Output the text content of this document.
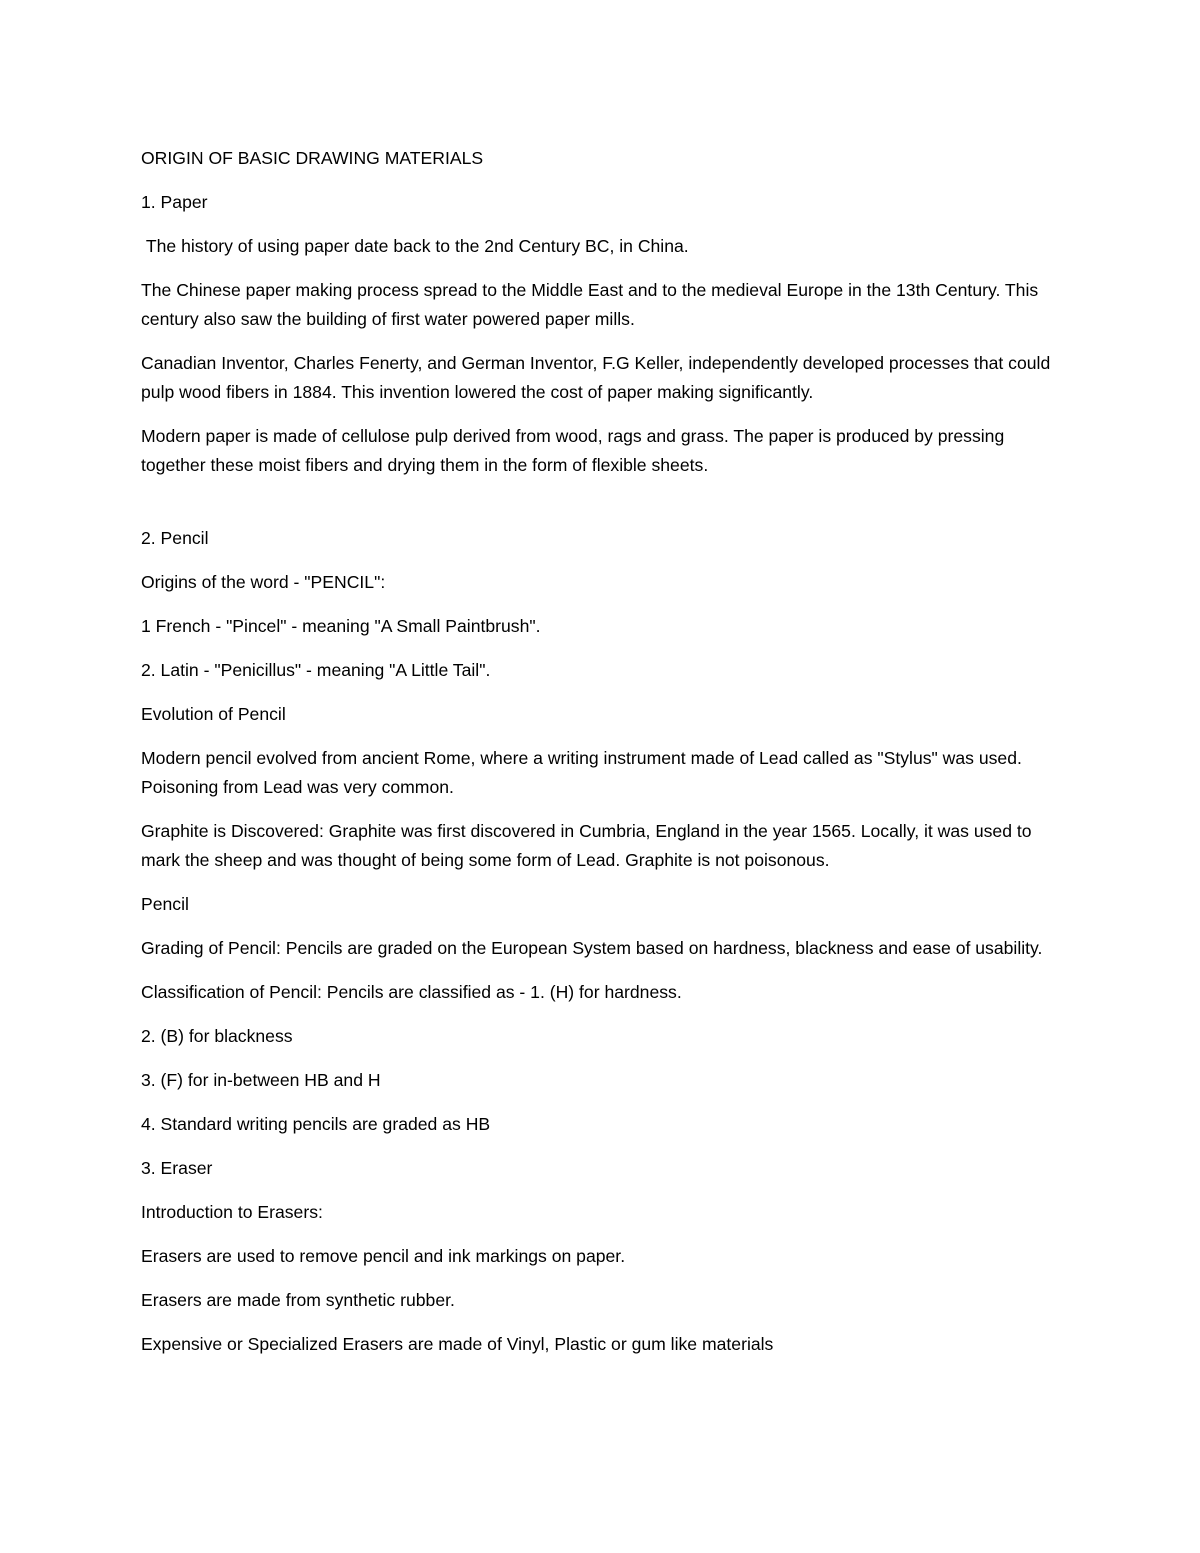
ORIGIN OF BASIC DRAWING MATERIALS

1. Paper

The history of using paper date back to the 2nd Century BC, in China.

The Chinese paper making process spread to the Middle East and to the medieval Europe in the 13th Century. This century also saw the building of first water powered paper mills.

Canadian Inventor, Charles Fenerty, and German Inventor, F.G Keller, independently developed processes that could pulp wood fibers in 1884. This invention lowered the cost of paper making significantly.

Modern paper is made of cellulose pulp derived from wood, rags and grass. The paper is produced by pressing together these moist fibers and drying them in the form of flexible sheets.

2. Pencil

Origins of the word - "PENCIL":

1 French - "Pincel" - meaning "A Small Paintbrush".

2. Latin - "Penicillus" - meaning "A Little Tail".

Evolution of Pencil

Modern pencil evolved from ancient Rome, where a writing instrument made of Lead called as "Stylus" was used. Poisoning from Lead was very common.

Graphite is Discovered: Graphite was first discovered in Cumbria, England in the year 1565. Locally, it was used to mark the sheep and was thought of being some form of Lead. Graphite is not poisonous.

Pencil

Grading of Pencil: Pencils are graded on the European System based on hardness, blackness and ease of usability.

Classification of Pencil: Pencils are classified as - 1. (H) for hardness.

2. (B) for blackness

3. (F) for in-between HB and H

4. Standard writing pencils are graded as HB

3. Eraser

Introduction to Erasers:

Erasers are used to remove pencil and ink markings on paper.

Erasers are made from synthetic rubber.

Expensive or Specialized Erasers are made of Vinyl, Plastic or gum like materials
